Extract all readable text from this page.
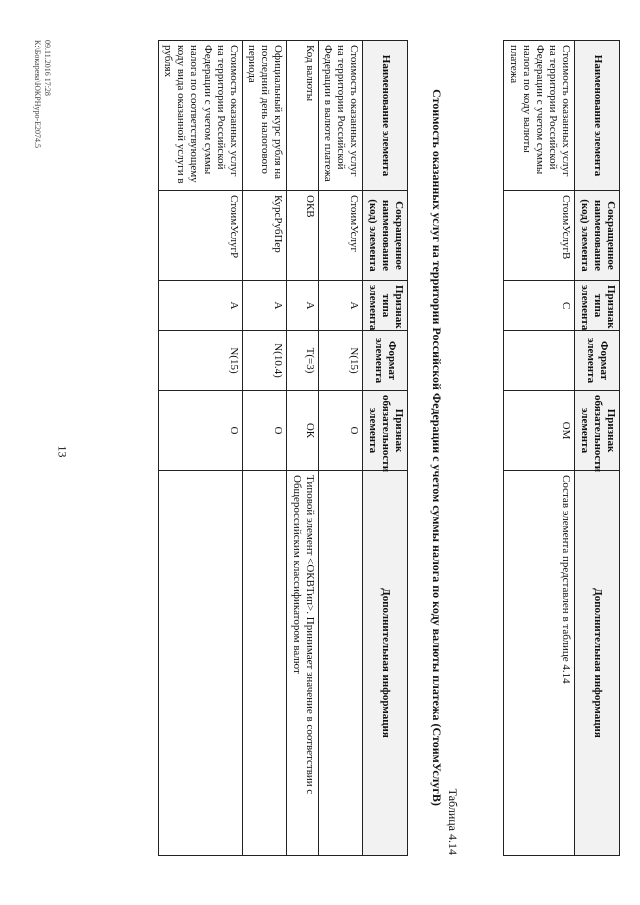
13
Наименование элемента	Сокращенное наименование (код) элемента	Признак типа элемента	Формат элемента	Признак обязательности элемента	Дополнительная информация
Стоимость оказанных услуг на территории Российской Федерации с учетом суммы налога по коду валюты платежа	СтоимУслугВ	С		ОМ	Состав элемента представлен в таблице 4.14
Таблица 4.14
Стоимость оказанных услуг на территории Российской Федерации с учетом суммы налога по коду валюты платежа (СтоимУслугВ)
Наименование элемента	Сокращенное наименование (код) элемента	Признак типа элемента	Формат элемента	Признак обязательности элемента	Дополнительная информация
Стоимость оказанных услуг на территории Российской Федерации в валюте платежа	СтоимУслуг	А	N(15)	О	
Код валюты	ОКВ	А	Т(=3)	ОК	Типовой элемент <ОКВТип>. Принимает значение в соответствии с Общероссийским классификатором валют
Официальный курс рубля на последний день налогового периода	КурсРубПер	А	N(10.4)	О	
Стоимость оказанных услуг на территории Российской Федерации с учетом суммы налога по соответствующему коду вида оказанной услуги в рублях	СтоимУслугР	А	N(15)	О	
09.11.2016 17:28
К:\Бокарева\ЮКРНуро-Е2074.5
